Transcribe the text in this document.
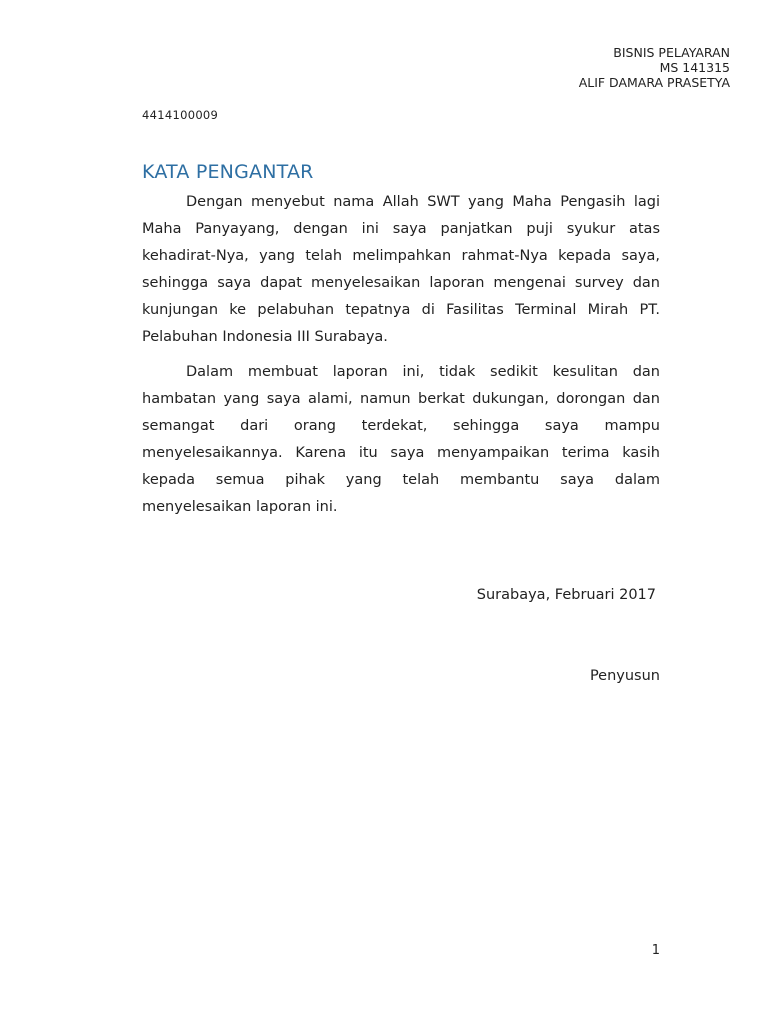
BISNIS PELAYARAN
MS 141315
ALIF DAMARA PRASETYA
4414100009
KATA PENGANTAR
Dengan menyebut nama Allah SWT yang Maha Pengasih lagi
Maha Panyayang, dengan ini saya panjatkan puji syukur atas
kehadirat-Nya, yang telah melimpahkan rahmat-Nya kepada saya,
sehingga saya dapat menyelesaikan laporan mengenai survey dan
kunjungan ke pelabuhan tepatnya di Fasilitas Terminal Mirah PT.
Pelabuhan Indonesia III Surabaya.
Dalam membuat laporan ini, tidak sedikit kesulitan dan
hambatan yang saya alami, namun berkat dukungan, dorongan dan
semangat dari orang terdekat, sehingga saya mampu
menyelesaikannya. Karena itu saya menyampaikan terima kasih
kepada semua pihak yang telah membantu saya dalam
menyelesaikan laporan ini.
Surabaya, Februari 2017
Penyusun
1
